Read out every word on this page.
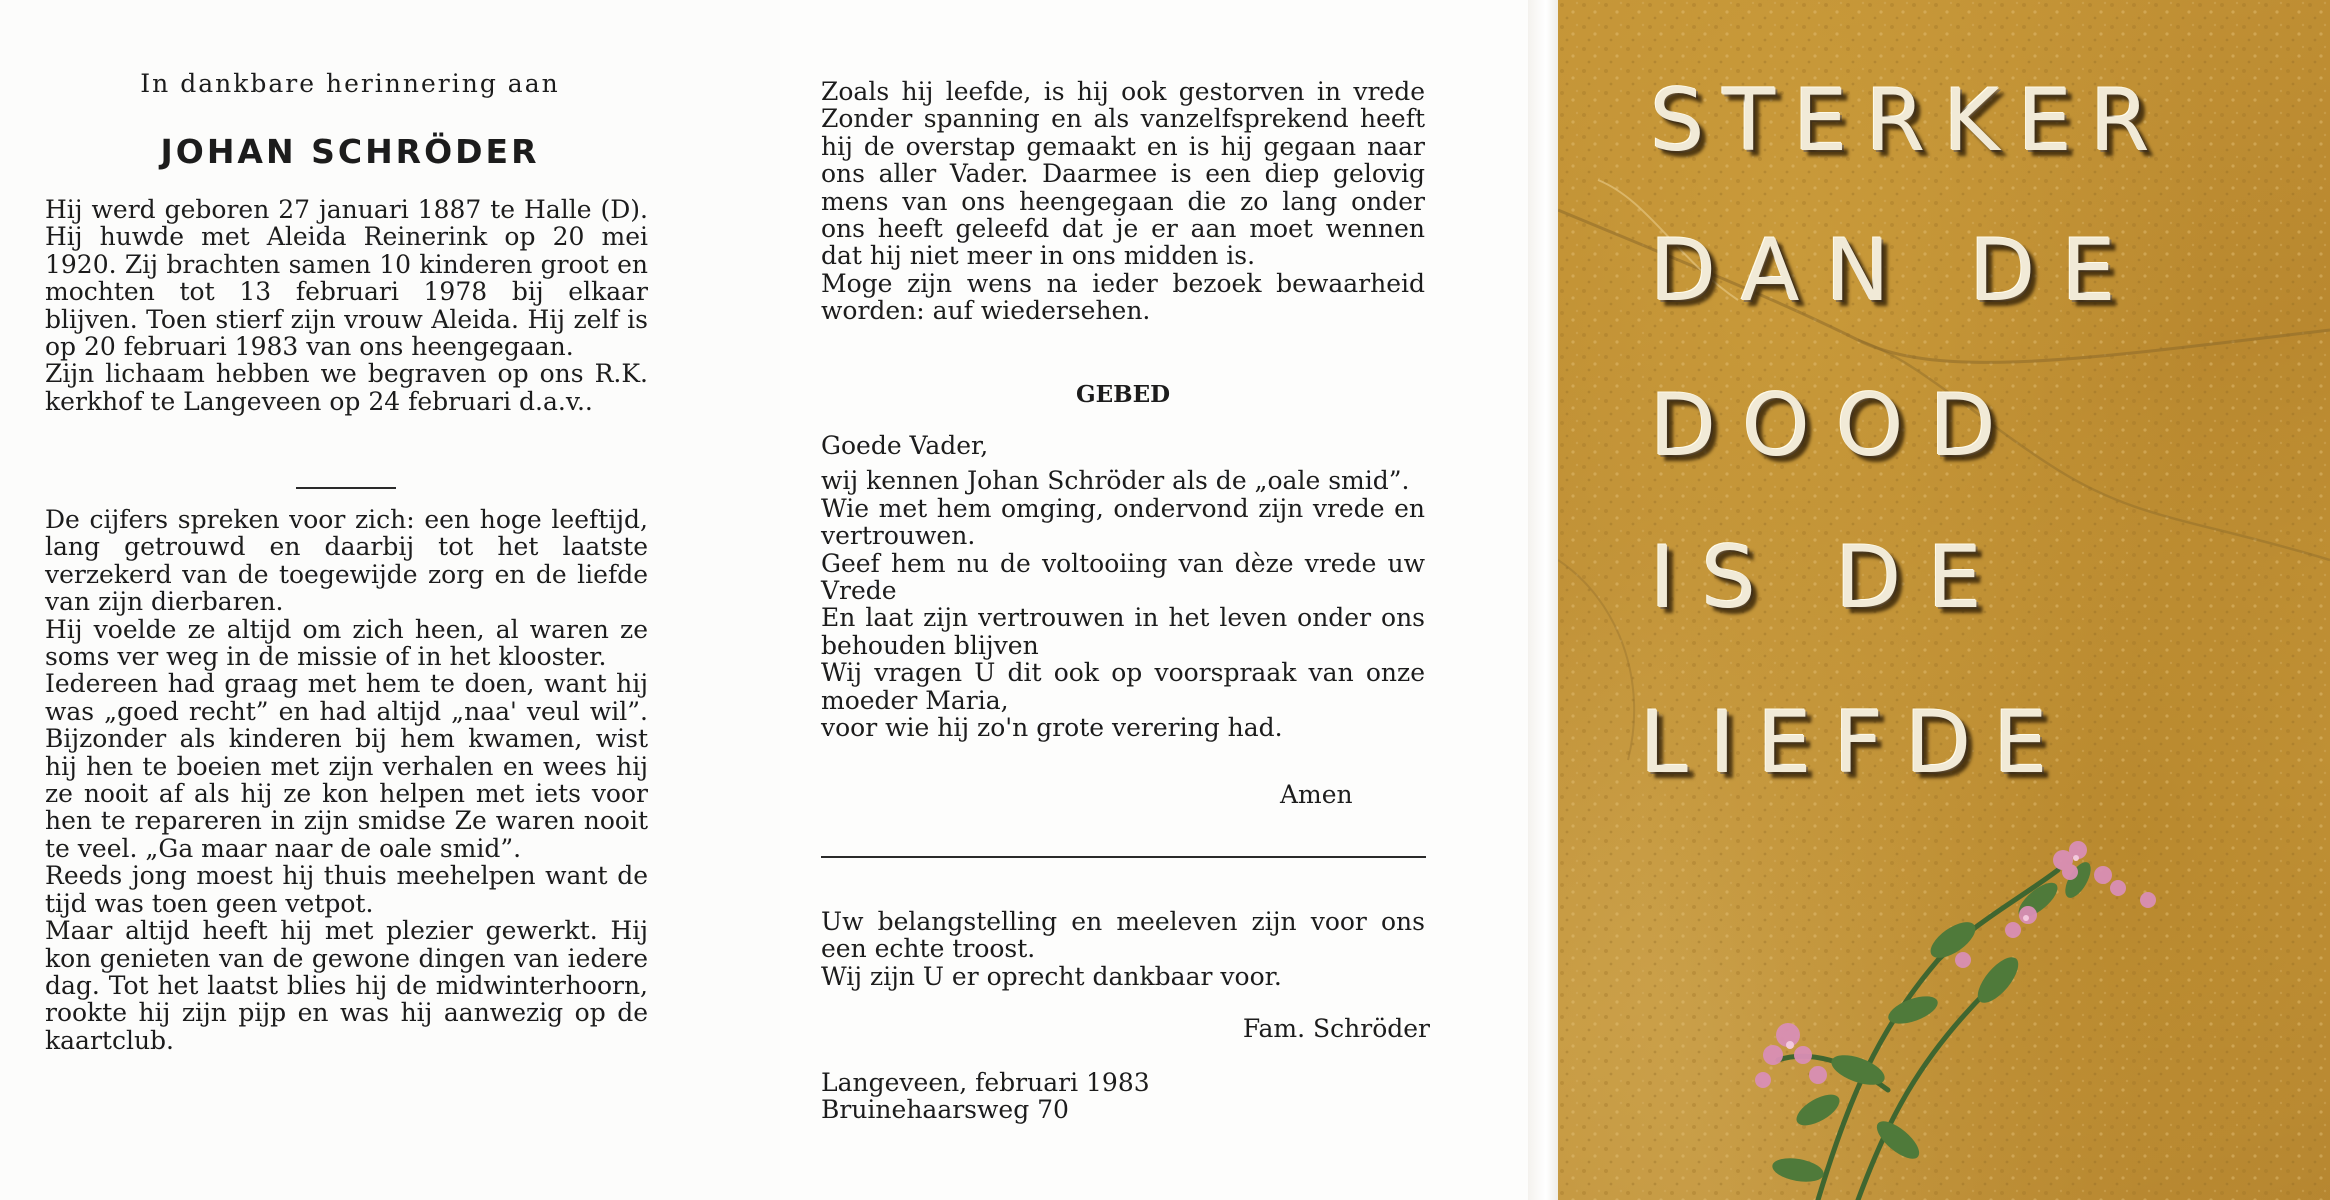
In dankbare herinnering aan
JOHAN SCHRÖDER

Hij werd geboren 27 januari 1887 te Halle (D). Hij huwde met Aleida Reinerink op 20 mei 1920. Zij brachten samen 10 kinderen groot en mochten tot 13 februari 1978 bij elkaar blijven. Toen stierf zijn vrouw Aleida. Hij zelf is op 20 februari 1983 van ons heengegaan.

Zijn lichaam hebben we begraven op ons R.K. kerkhof te Langeveen op 24 februari d.a.v..

De cijfers spreken voor zich: een hoge leeftijd, lang getrouwd en daarbij tot het laatste verzekerd van de toegewijde zorg en de liefde van zijn dierbaren.

Hij voelde ze altijd om zich heen, al waren ze soms ver weg in de missie of in het klooster.

Iedereen had graag met hem te doen, want hij was „goed recht” en had altijd „naa' veul wil”. Bijzonder als kinderen bij hem kwamen, wist hij hen te boeien met zijn verhalen en wees hij ze nooit af als hij ze kon helpen met iets voor hen te repareren in zijn smidse Ze waren nooit te veel. „Ga maar naar de oale smid”.

Reeds jong moest hij thuis meehelpen want de tijd was toen geen vetpot.

Maar altijd heeft hij met plezier gewerkt. Hij kon genieten van de gewone dingen van iedere dag. Tot het laatst blies hij de midwinterhoorn, rookte hij zijn pijp en was hij aanwezig op de kaartclub.

Zoals hij leefde, is hij ook gestorven in vrede Zonder spanning en als vanzelfsprekend heeft hij de overstap gemaakt en is hij gegaan naar ons aller Vader. Daarmee is een diep gelovig mens van ons heengegaan die zo lang onder ons heeft geleefd dat je er aan moet wennen dat hij niet meer in ons midden is.

Moge zijn wens na ieder bezoek bewaarheid worden: auf wiedersehen.

GEBED

Goede Vader,

wij kennen Johan Schröder als de „oale smid”.

Wie met hem omging, ondervond zijn vrede en vertrouwen.

Geef hem nu de voltooiing van dèze vrede uw Vrede

En laat zijn vertrouwen in het leven onder ons behouden blijven

Wij vragen U dit ook op voorspraak van onze moeder Maria,

voor wie hij zo'n grote verering had.

Amen

Uw belangstelling en meeleven zijn voor ons een echte troost.

Wij zijn U er oprecht dankbaar voor.

Fam. Schröder
Langeveen, februari 1983
Bruinehaarsweg 70
STERKER
DAN DE
DOOD
IS DE
LIEFDE
